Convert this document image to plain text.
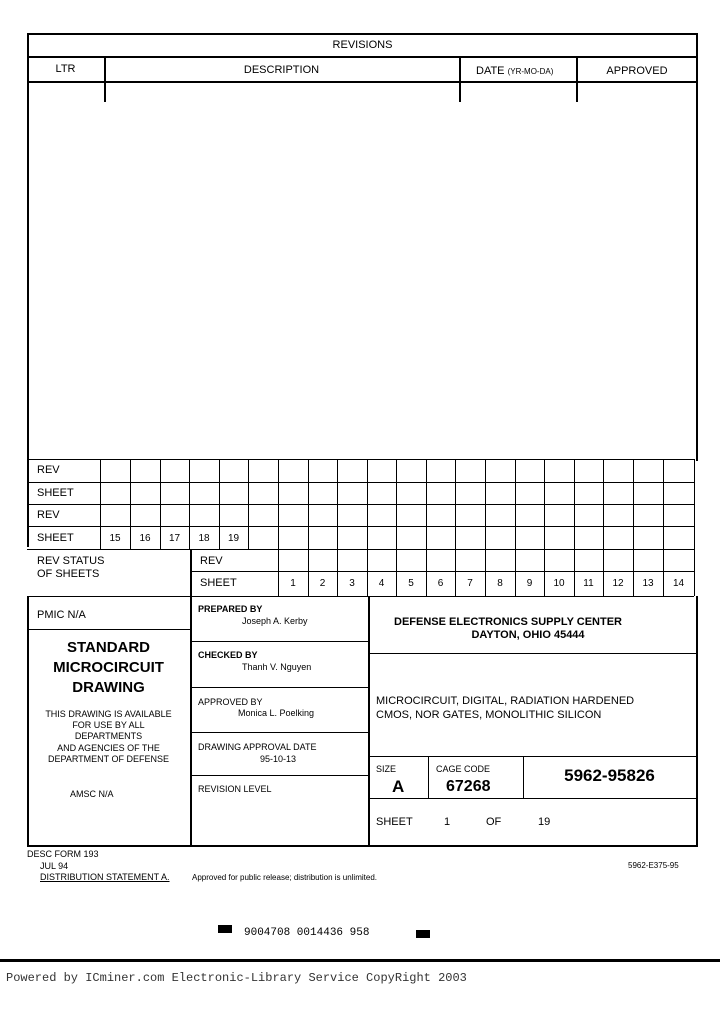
REVISIONS
LTR	DESCRIPTION	DATE (YR-MO-DA)	APPROVED
REV
SHEET
REV
SHEET	15	16	17	18	19
REV STATUS
OF SHEETS
REV
SHEET	1	2	3	4	5	6	7	8	9	10	11	12	13	14
PMIC N/A
STANDARD
MICROCIRCUIT
DRAWING
THIS DRAWING IS AVAILABLE
FOR USE BY ALL
DEPARTMENTS
AND AGENCIES OF THE
DEPARTMENT OF DEFENSE
AMSC N/A
PREPARED BY
Joseph A. Kerby
CHECKED BY
Thanh V. Nguyen
APPROVED BY
Monica L. Poelking
DRAWING APPROVAL DATE
95-10-13
REVISION LEVEL
DEFENSE ELECTRONICS SUPPLY CENTER
DAYTON, OHIO 45444
MICROCIRCUIT, DIGITAL, RADIATION HARDENED
CMOS, NOR GATES, MONOLITHIC SILICON
SIZE
A
CAGE CODE
67268
5962-95826
SHEET	1	OF	19
DESC FORM 193
JUL 94
DISTRIBUTION STATEMENT A.	Approved for public release; distribution is unlimited.
5962-E375-95
9004708 0014436 958
Powered by ICminer.com Electronic-Library Service CopyRight 2003
